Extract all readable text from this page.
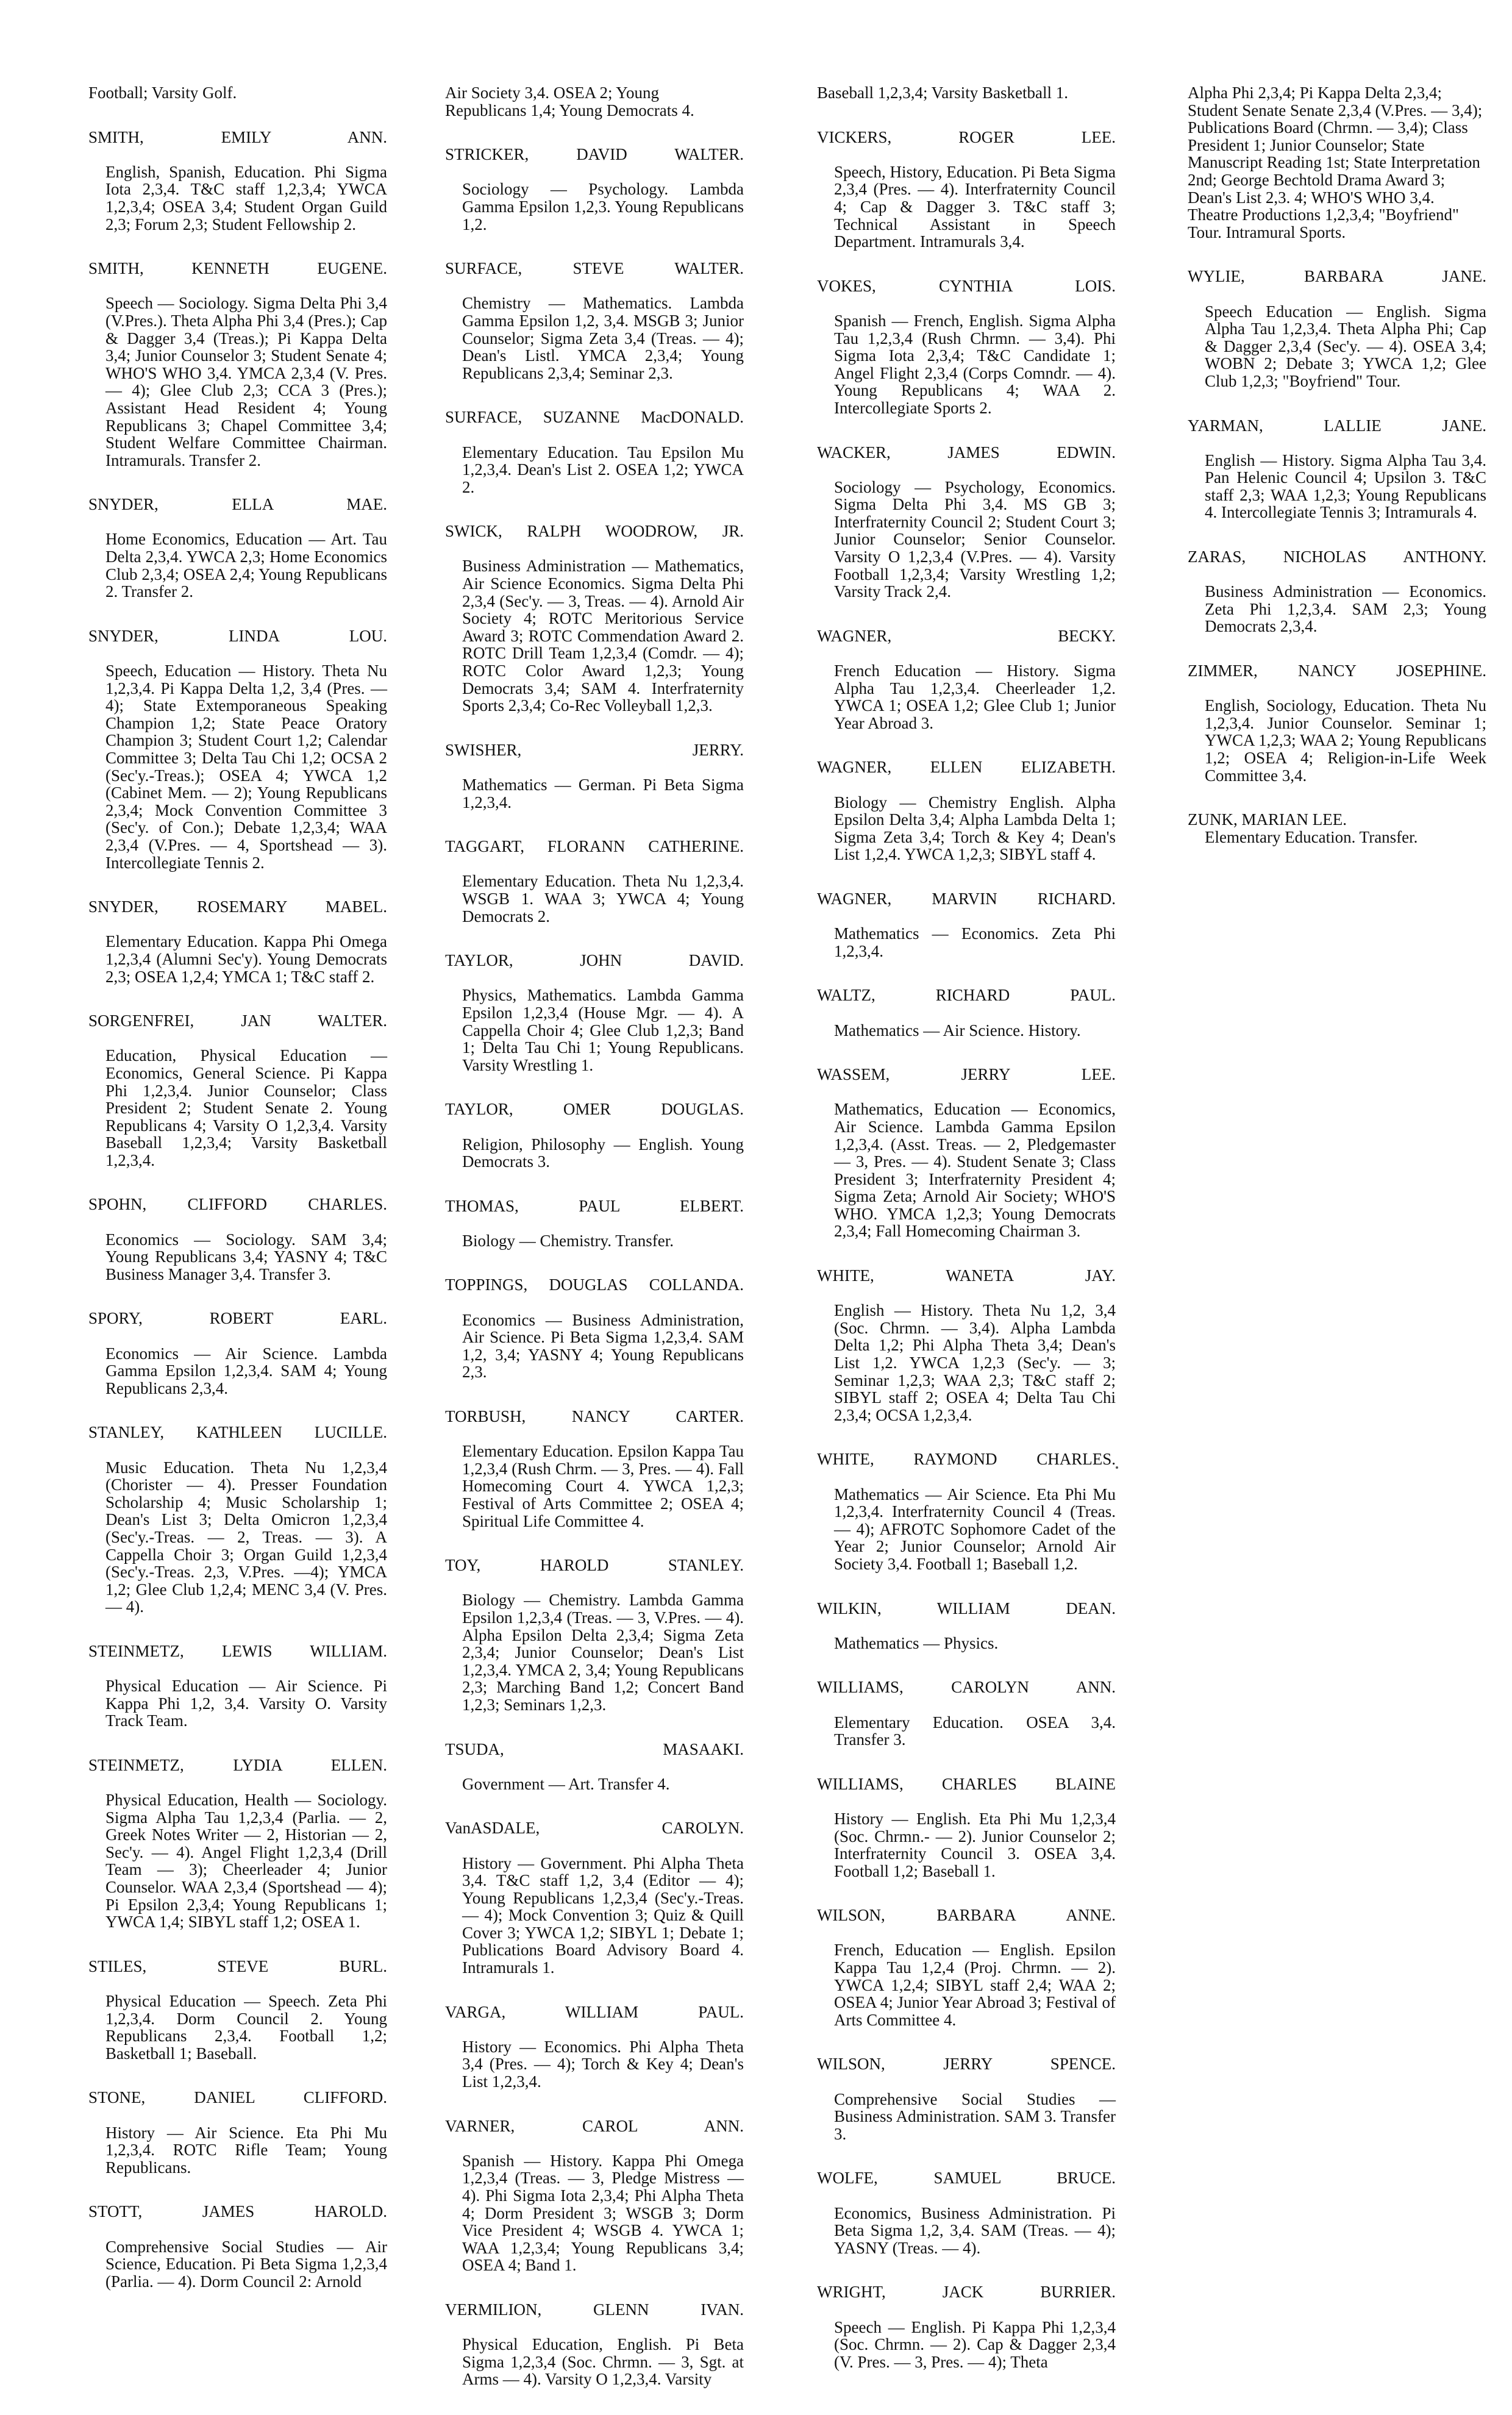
Football; Varsity Golf.
SMITH, EMILY ANN.
English, Spanish, Education. Phi Sigma Iota 2,3,4. T&C staff 1,2,3,4; YWCA 1,2,3,4; OSEA 3,4; Student Organ Guild 2,3; Forum 2,3; Student Fellowship 2.
SMITH, KENNETH EUGENE.
Speech — Sociology. Sigma Delta Phi 3,4 (V.Pres.). Theta Alpha Phi 3,4 (Pres.); Cap & Dagger 3,4 (Treas.); Pi Kappa Delta 3,4; Junior Counselor 3; Student Senate 4; WHO'S WHO 3,4. YMCA 2,3,4 (V. Pres. — 4); Glee Club 2,3; CCA 3 (Pres.); Assistant Head Resident 4; Young Republicans 3; Chapel Committee 3,4; Student Welfare Committee Chairman. Intramurals. Transfer 2.
SNYDER, ELLA MAE.
Home Economics, Education — Art. Tau Delta 2,3,4. YWCA 2,3; Home Economics Club 2,3,4; OSEA 2,4; Young Republicans 2. Transfer 2.
SNYDER, LINDA LOU.
Speech, Education — History. Theta Nu 1,2,3,4. Pi Kappa Delta 1,2, 3,4 (Pres. — 4); State Extemporaneous Speaking Champion 1,2; State Peace Oratory Champion 3; Student Court 1,2; Calendar Committee 3; Delta Tau Chi 1,2; OCSA 2 (Sec'y.-Treas.); OSEA 4; YWCA 1,2 (Cabinet Mem. — 2); Young Republicans 2,3,4; Mock Convention Committee 3 (Sec'y. of Con.); Debate 1,2,3,4; WAA 2,3,4 (V.Pres. — 4, Sportshead — 3). Intercollegiate Tennis 2.
SNYDER, ROSEMARY MABEL.
Elementary Education. Kappa Phi Omega 1,2,3,4 (Alumni Sec'y). Young Democrats 2,3; OSEA 1,2,4; YMCA 1; T&C staff 2.
SORGENFREI, JAN WALTER.
Education, Physical Education — Economics, General Science. Pi Kappa Phi 1,2,3,4. Junior Counselor; Class President 2; Student Senate 2. Young Republicans 4; Varsity O 1,2,3,4. Varsity Baseball 1,2,3,4; Varsity Basketball 1,2,3,4.
SPOHN, CLIFFORD CHARLES.
Economics — Sociology. SAM 3,4; Young Republicans 3,4; YASNY 4; T&C Business Manager 3,4. Transfer 3.
SPORY, ROBERT EARL.
Economics — Air Science. Lambda Gamma Epsilon 1,2,3,4. SAM 4; Young Republicans 2,3,4.
STANLEY, KATHLEEN LUCILLE.
Music Education. Theta Nu 1,2,3,4 (Chorister — 4). Presser Foundation Scholarship 4; Music Scholarship 1; Dean's List 3; Delta Omicron 1,2,3,4 (Sec'y.-Treas. — 2, Treas. — 3). A Cappella Choir 3; Organ Guild 1,2,3,4 (Sec'y.-Treas. 2,3, V.Pres. —4); YMCA 1,2; Glee Club 1,2,4; MENC 3,4 (V. Pres. — 4).
STEINMETZ, LEWIS WILLIAM.
Physical Education — Air Science. Pi Kappa Phi 1,2, 3,4. Varsity O. Varsity Track Team.
STEINMETZ, LYDIA ELLEN.
Physical Education, Health — Sociology. Sigma Alpha Tau 1,2,3,4 (Parlia. — 2, Greek Notes Writer — 2, Historian — 2, Sec'y. — 4). Angel Flight 1,2,3,4 (Drill Team — 3); Cheerleader 4; Junior Counselor. WAA 2,3,4 (Sportshead — 4); Pi Epsilon 2,3,4; Young Republicans 1; YWCA 1,4; SIBYL staff 1,2; OSEA 1.
STILES, STEVE BURL.
Physical Education — Speech. Zeta Phi 1,2,3,4. Dorm Council 2. Young Republicans 2,3,4. Football 1,2; Basketball 1; Baseball.
STONE, DANIEL CLIFFORD.
History — Air Science. Eta Phi Mu 1,2,3,4. ROTC Rifle Team; Young Republicans.
STOTT, JAMES HAROLD.
Comprehensive Social Studies — Air Science, Education. Pi Beta Sigma 1,2,3,4 (Parlia. — 4). Dorm Council 2: Arnold
Air Society 3,4. OSEA 2; Young Republicans 1,4; Young Democrats 4.
STRICKER, DAVID WALTER.
Sociology — Psychology. Lambda Gamma Epsilon 1,2,3. Young Republicans 1,2.
SURFACE, STEVE WALTER.
Chemistry — Mathematics. Lambda Gamma Epsilon 1,2, 3,4. MSGB 3; Junior Counselor; Sigma Zeta 3,4 (Treas. — 4); Dean's Listl. YMCA 2,3,4; Young Republicans 2,3,4; Seminar 2,3.
SURFACE, SUZANNE MacDONALD.
Elementary Education. Tau Epsilon Mu 1,2,3,4. Dean's List 2. OSEA 1,2; YWCA 2.
SWICK, RALPH WOODROW, JR.
Business Administration — Mathematics, Air Science Economics. Sigma Delta Phi 2,3,4 (Sec'y. — 3, Treas. — 4). Arnold Air Society 4; ROTC Meritorious Service Award 3; ROTC Commendation Award 2. ROTC Drill Team 1,2,3,4 (Comdr. — 4); ROTC Color Award 1,2,3; Young Democrats 3,4; SAM 4. Interfraternity Sports 2,3,4; Co-Rec Volleyball 1,2,3.
SWISHER, JERRY.
Mathematics — German. Pi Beta Sigma 1,2,3,4.
TAGGART, FLORANN CATHERINE.
Elementary Education. Theta Nu 1,2,3,4. WSGB 1. WAA 3; YWCA 4; Young Democrats 2.
TAYLOR, JOHN DAVID.
Physics, Mathematics. Lambda Gamma Epsilon 1,2,3,4 (House Mgr. — 4). A Cappella Choir 4; Glee Club 1,2,3; Band 1; Delta Tau Chi 1; Young Republicans. Varsity Wrestling 1.
TAYLOR, OMER DOUGLAS.
Religion, Philosophy — English. Young Democrats 3.
THOMAS, PAUL ELBERT.
Biology — Chemistry. Transfer.
TOPPINGS, DOUGLAS COLLANDA.
Economics — Business Administration, Air Science. Pi Beta Sigma 1,2,3,4. SAM 1,2, 3,4; YASNY 4; Young Republicans 2,3.
TORBUSH, NANCY CARTER.
Elementary Education. Epsilon Kappa Tau 1,2,3,4 (Rush Chrm. — 3, Pres. — 4). Fall Homecoming Court 4. YWCA 1,2,3; Festival of Arts Committee 2; OSEA 4; Spiritual Life Committee 4.
TOY, HAROLD STANLEY.
Biology — Chemistry. Lambda Gamma Epsilon 1,2,3,4 (Treas. — 3, V.Pres. — 4). Alpha Epsilon Delta 2,3,4; Sigma Zeta 2,3,4; Junior Counselor; Dean's List 1,2,3,4. YMCA 2, 3,4; Young Republicans 2,3; Marching Band 1,2; Concert Band 1,2,3; Seminars 1,2,3.
TSUDA, MASAAKI.
Government — Art. Transfer 4.
VanASDALE, CAROLYN.
History — Government. Phi Alpha Theta 3,4. T&C staff 1,2, 3,4 (Editor — 4); Young Republicans 1,2,3,4 (Sec'y.-Treas. — 4); Mock Convention 3; Quiz & Quill Cover 3; YWCA 1,2; SIBYL 1; Debate 1; Publications Board Advisory Board 4. Intramurals 1.
VARGA, WILLIAM PAUL.
History — Economics. Phi Alpha Theta 3,4 (Pres. — 4); Torch & Key 4; Dean's List 1,2,3,4.
VARNER, CAROL ANN.
Spanish — History. Kappa Phi Omega 1,2,3,4 (Treas. — 3, Pledge Mistress — 4). Phi Sigma Iota 2,3,4; Phi Alpha Theta 4; Dorm President 3; WSGB 3; Dorm Vice President 4; WSGB 4. YWCA 1; WAA 1,2,3,4; Young Republicans 3,4; OSEA 4; Band 1.
VERMILION, GLENN IVAN.
Physical Education, English. Pi Beta Sigma 1,2,3,4 (Soc. Chrmn. — 3, Sgt. at Arms — 4). Varsity O 1,2,3,4. Varsity
Baseball 1,2,3,4; Varsity Basketball 1.
VICKERS, ROGER LEE.
Speech, History, Education. Pi Beta Sigma 2,3,4 (Pres. — 4). Interfraternity Council 4; Cap & Dagger 3. T&C staff 3; Technical Assistant in Speech Department. Intramurals 3,4.
VOKES, CYNTHIA LOIS.
Spanish — French, English. Sigma Alpha Tau 1,2,3,4 (Rush Chrmn. — 3,4). Phi Sigma Iota 2,3,4; T&C Candidate 1; Angel Flight 2,3,4 (Corps Comndr. — 4). Young Republicans 4; WAA 2. Intercollegiate Sports 2.
WACKER, JAMES EDWIN.
Sociology — Psychology, Economics. Sigma Delta Phi 3,4. MS GB 3; Interfraternity Council 2; Student Court 3; Junior Counselor; Senior Counselor. Varsity O 1,2,3,4 (V.Pres. — 4). Varsity Football 1,2,3,4; Varsity Wrestling 1,2; Varsity Track 2,4.
WAGNER, BECKY.
French Education — History. Sigma Alpha Tau 1,2,3,4. Cheerleader 1,2. YWCA 1; OSEA 1,2; Glee Club 1; Junior Year Abroad 3.
WAGNER, ELLEN ELIZABETH.
Biology — Chemistry English. Alpha Epsilon Delta 3,4; Alpha Lambda Delta 1; Sigma Zeta 3,4; Torch & Key 4; Dean's List 1,2,4. YWCA 1,2,3; SIBYL staff 4.
WAGNER, MARVIN RICHARD.
Mathematics — Economics. Zeta Phi 1,2,3,4.
WALTZ, RICHARD PAUL.
Mathematics — Air Science. History.
WASSEM, JERRY LEE.
Mathematics, Education — Economics, Air Science. Lambda Gamma Epsilon 1,2,3,4. (Asst. Treas. — 2, Pledgemaster — 3, Pres. — 4). Student Senate 3; Class President 3; Interfraternity President 4; Sigma Zeta; Arnold Air Society; WHO'S WHO. YMCA 1,2,3; Young Democrats 2,3,4; Fall Homecoming Chairman 3.
WHITE, WANETA JAY.
English — History. Theta Nu 1,2, 3,4 (Soc. Chrmn. — 3,4). Alpha Lambda Delta 1,2; Phi Alpha Theta 3,4; Dean's List 1,2. YWCA 1,2,3 (Sec'y. — 3; Seminar 1,2,3; WAA 2,3; T&C staff 2; SIBYL staff 2; OSEA 4; Delta Tau Chi 2,3,4; OCSA 1,2,3,4.
WHITE, RAYMOND CHARLES.
Mathematics — Air Science. Eta Phi Mu 1,2,3,4. Interfraternity Council 4 (Treas. — 4); AFROTC Sophomore Cadet of the Year 2; Junior Counselor; Arnold Air Society 3,4. Football 1; Baseball 1,2.
WILKIN, WILLIAM DEAN.
Mathematics — Physics.
WILLIAMS, CAROLYN ANN.
Elementary Education. OSEA 3,4. Transfer 3.
WILLIAMS, CHARLES BLAINE
History — English. Eta Phi Mu 1,2,3,4 (Soc. Chrmn.- — 2). Junior Counselor 2; Interfraternity Council 3. OSEA 3,4. Football 1,2; Baseball 1.
WILSON, BARBARA ANNE.
French, Education — English. Epsilon Kappa Tau 1,2,4 (Proj. Chrmn. — 2). YWCA 1,2,4; SIBYL staff 2,4; WAA 2; OSEA 4; Junior Year Abroad 3; Festival of Arts Committee 4.
WILSON, JERRY SPENCE.
Comprehensive Social Studies — Business Administration. SAM 3. Transfer 3.
WOLFE, SAMUEL BRUCE.
Economics, Business Administration. Pi Beta Sigma 1,2, 3,4. SAM (Treas. — 4); YASNY (Treas. — 4).
WRIGHT, JACK BURRIER.
Speech — English. Pi Kappa Phi 1,2,3,4 (Soc. Chrmn. — 2). Cap & Dagger 2,3,4 (V. Pres. — 3, Pres. — 4); Theta
Alpha Phi 2,3,4; Pi Kappa Delta 2,3,4; Student Senate Senate 2,3,4 (V.Pres. — 3,4); Publications Board (Chrmn. — 3,4); Class President 1; Junior Counselor; State Manuscript Reading 1st; State Interpretation 2nd; George Bechtold Drama Award 3; Dean's List 2,3. 4; WHO'S WHO 3,4. Theatre Productions 1,2,3,4; "Boyfriend" Tour. Intramural Sports.
WYLIE, BARBARA JANE.
Speech Education — English. Sigma Alpha Tau 1,2,3,4. Theta Alpha Phi; Cap & Dagger 2,3,4 (Sec'y. — 4). OSEA 3,4; WOBN 2; Debate 3; YWCA 1,2; Glee Club 1,2,3; "Boyfriend" Tour.
YARMAN, LALLIE JANE.
English — History. Sigma Alpha Tau 3,4. Pan Helenic Council 4; Upsilon 3. T&C staff 2,3; WAA 1,2,3; Young Republicans 4. Intercollegiate Tennis 3; Intramurals 4.
ZARAS, NICHOLAS ANTHONY.
Business Administration — Economics. Zeta Phi 1,2,3,4. SAM 2,3; Young Democrats 2,3,4.
ZIMMER, NANCY JOSEPHINE.
English, Sociology, Education. Theta Nu 1,2,3,4. Junior Counselor. Seminar 1; YWCA 1,2,3; WAA 2; Young Republicans 1,2; OSEA 4; Religion-in-Life Week Committee 3,4.
ZUNK, MARIAN LEE.
Elementary Education. Transfer.
